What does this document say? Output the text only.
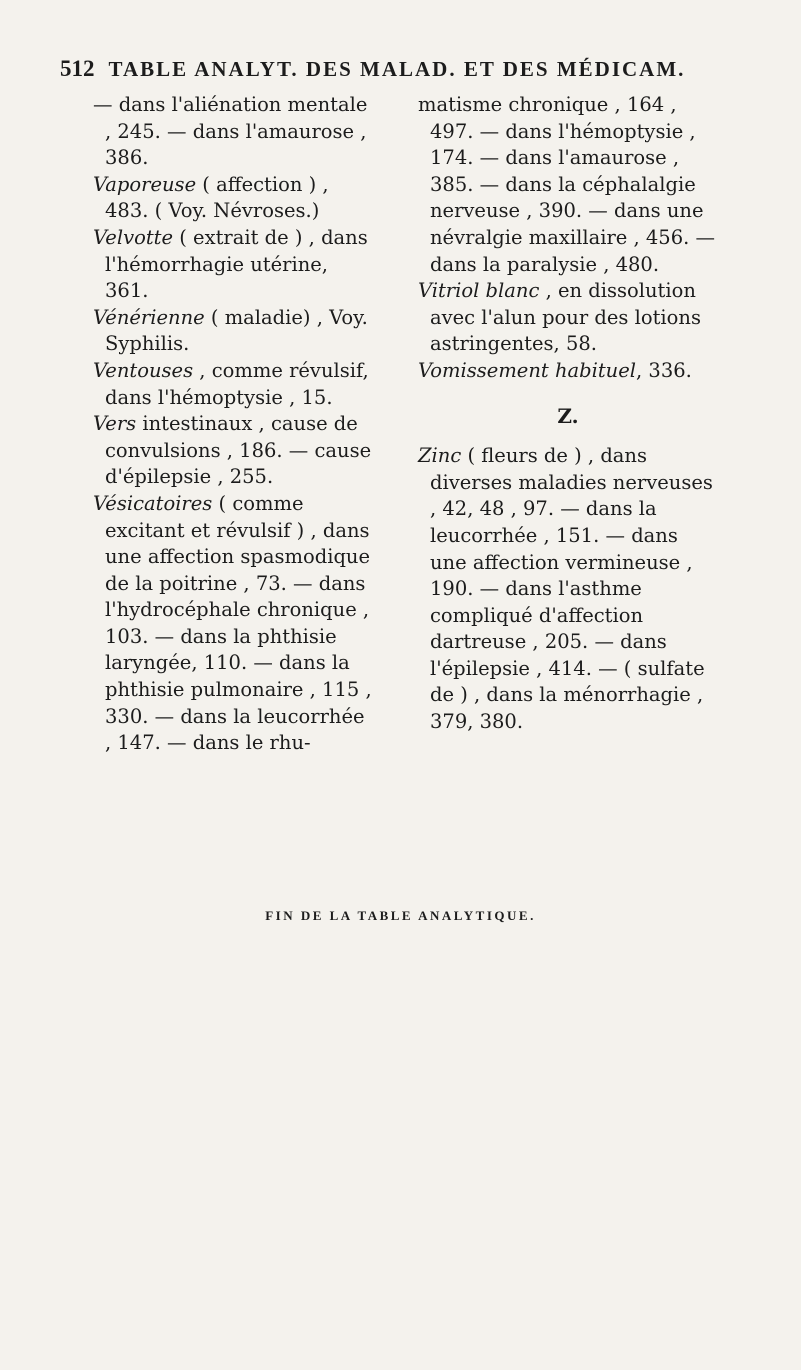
512 TABLE ANALYT. DES MALAD. ET DES MÉDICAM.

— dans l'aliénation mentale , 245. — dans l'amaurose , 386.

Vaporeuse ( affection ) , 483. ( Voy. Névroses.)

Velvotte ( extrait de ) , dans l'hémorrhagie utérine, 361.

Vénérienne ( maladie) , Voy. Syphilis.

Ventouses , comme révulsif, dans l'hémoptysie , 15.

Vers intestinaux , cause de convulsions , 186. — cause d'épilepsie , 255.

Vésicatoires ( comme excitant et révulsif ) , dans une affection spasmodique de la poitrine , 73. — dans l'hydrocéphale chronique , 103. — dans la phthisie laryngée, 110. — dans la phthisie pulmonaire , 115 , 330. — dans la leucorrhée , 147. — dans le rhu-

matisme chronique , 164 , 497. — dans l'hémoptysie , 174. — dans l'amaurose , 385. — dans la céphalalgie nerveuse , 390. — dans une névralgie maxillaire , 456. — dans la paralysie , 480.

Vitriol blanc , en dissolution avec l'alun pour des lotions astringentes, 58.

Vomissement habituel, 336.

Z.

Zinc ( fleurs de ) , dans diverses maladies nerveuses , 42, 48 , 97. — dans la leucorrhée , 151. — dans une affection vermineuse , 190. — dans l'asthme compliqué d'affection dartreuse , 205. — dans l'épilepsie , 414. — ( sulfate de ) , dans la ménorrhagie , 379, 380.

FIN DE LA TABLE ANALYTIQUE.
